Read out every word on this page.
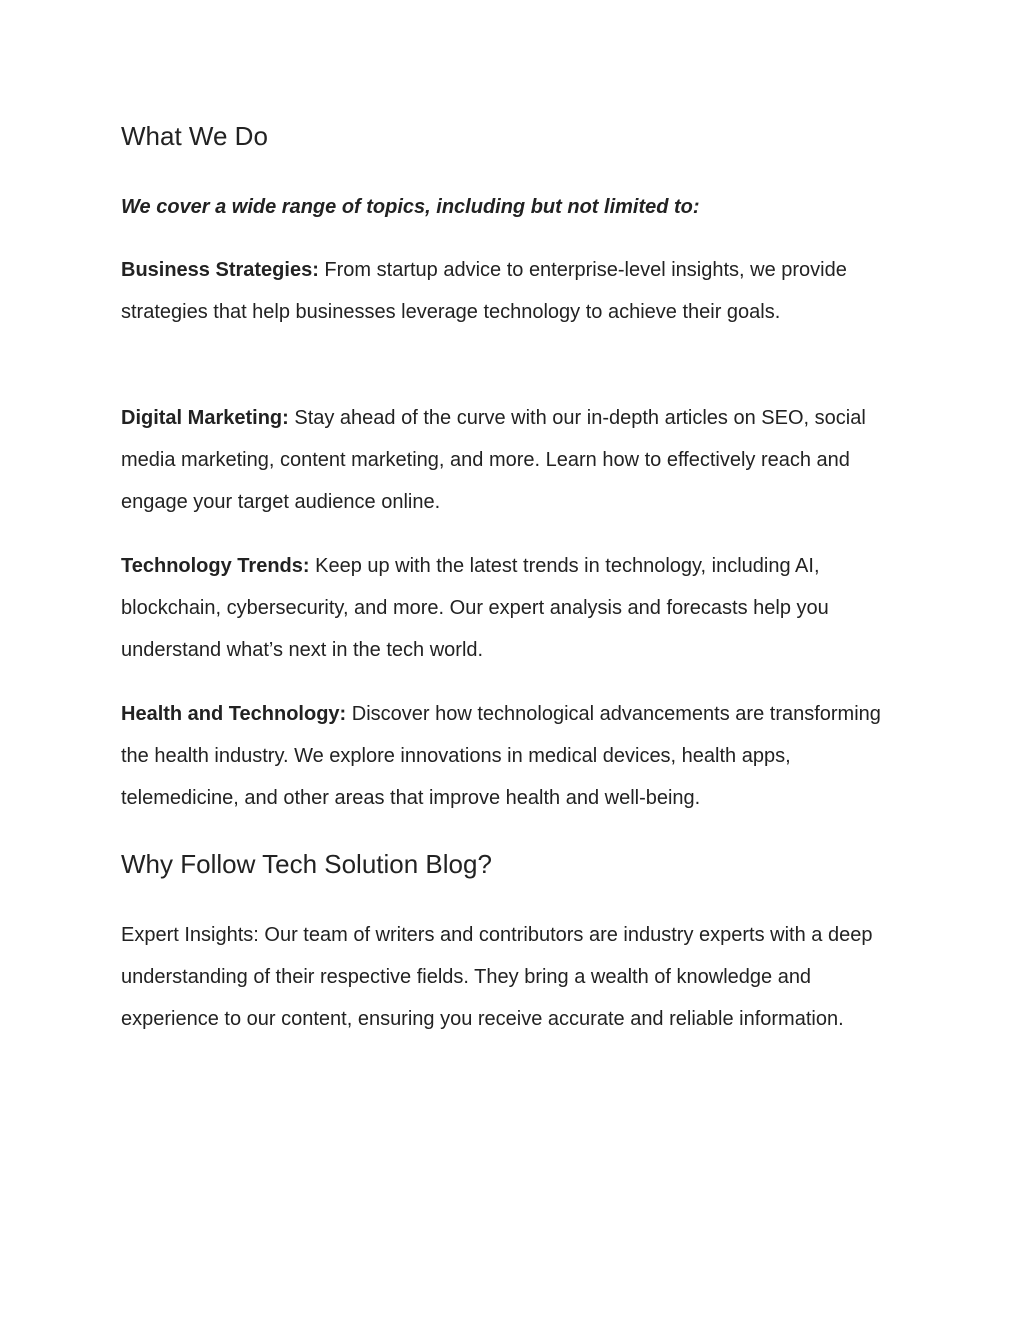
What We Do

We cover a wide range of topics, including but not limited to:

Business Strategies: From startup advice to enterprise-level insights, we provide strategies that help businesses leverage technology to achieve their goals.

Digital Marketing: Stay ahead of the curve with our in-depth articles on SEO, social media marketing, content marketing, and more. Learn how to effectively reach and engage your target audience online.

Technology Trends: Keep up with the latest trends in technology, including AI, blockchain, cybersecurity, and more. Our expert analysis and forecasts help you understand what’s next in the tech world.

Health and Technology: Discover how technological advancements are transforming the health industry. We explore innovations in medical devices, health apps, telemedicine, and other areas that improve health and well-being.

Why Follow Tech Solution Blog?

Expert Insights: Our team of writers and contributors are industry experts with a deep understanding of their respective fields. They bring a wealth of knowledge and experience to our content, ensuring you receive accurate and reliable information.
